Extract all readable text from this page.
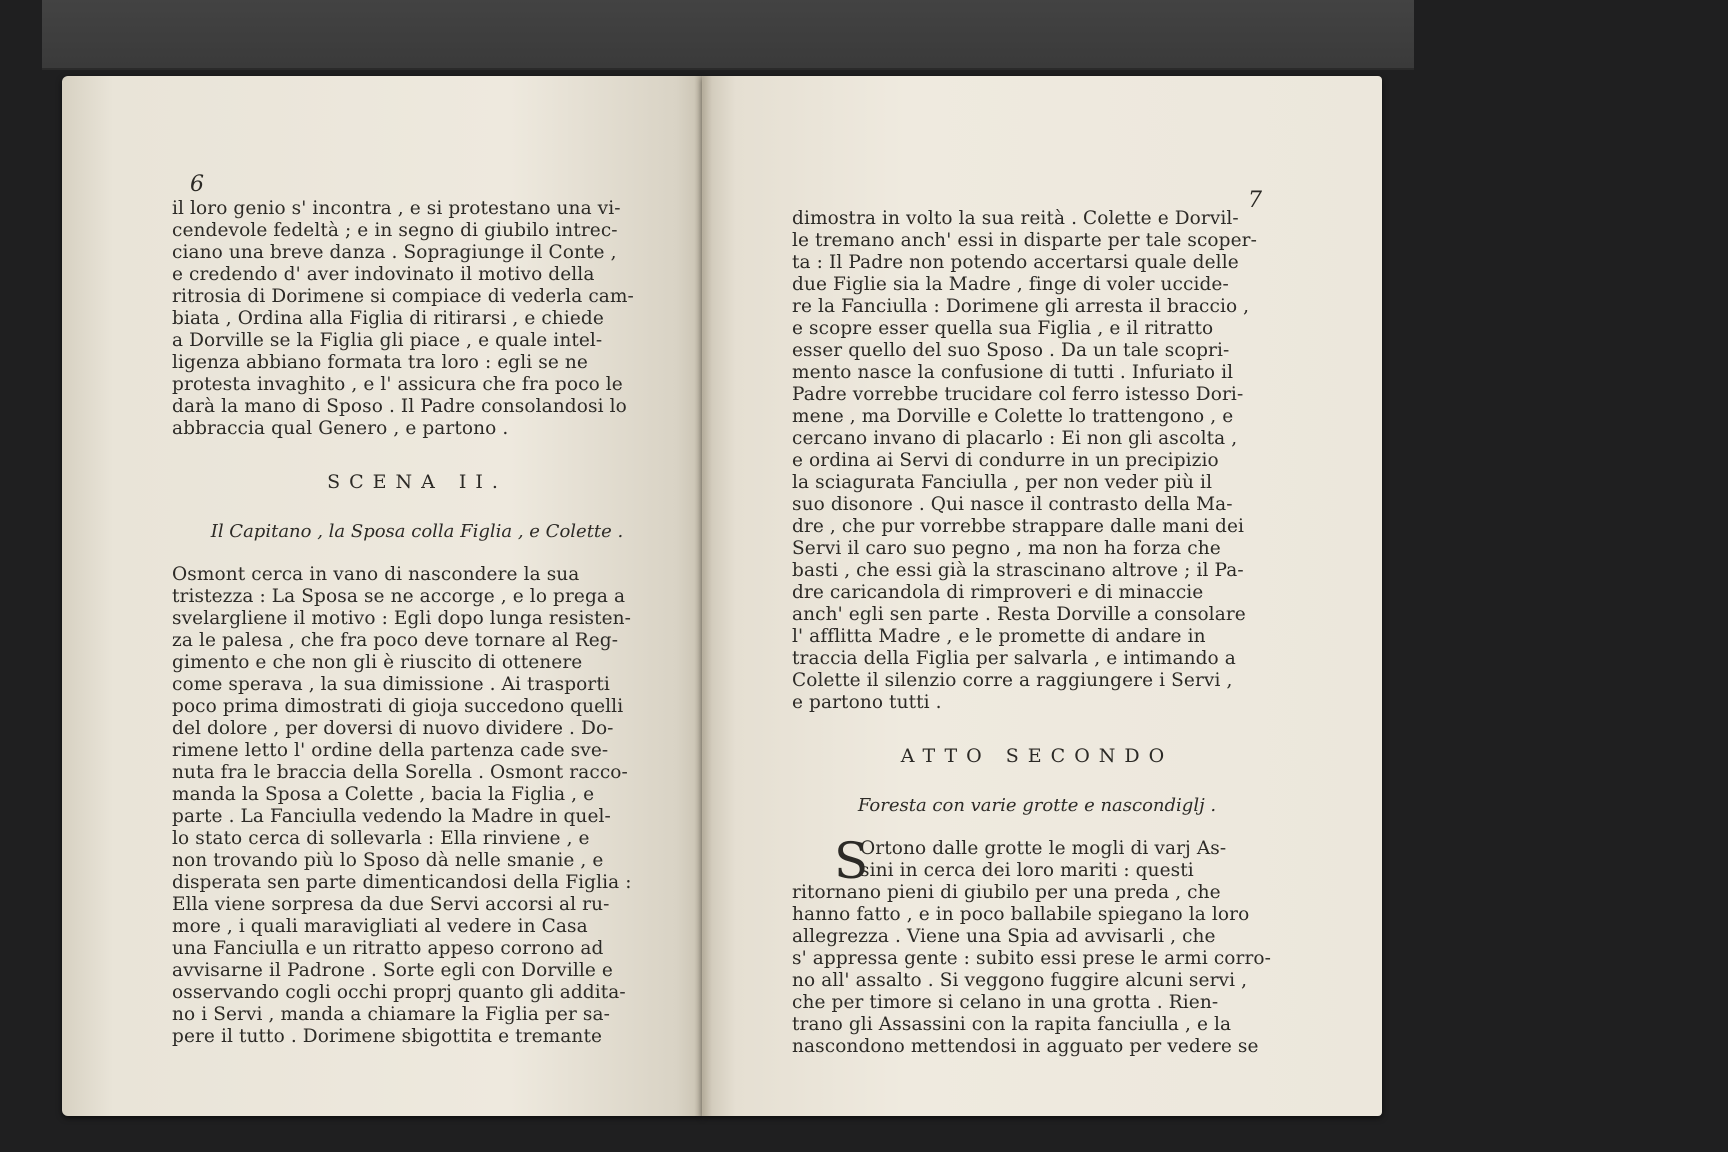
6
il loro genio s' incontra , e si protestano una vi-
cendevole fedeltà ; e in segno di giubilo intrec-
ciano una breve danza . Sopragiunge il Conte ,
e credendo d' aver indovinato il motivo della
ritrosia di Dorimene si compiace di vederla cam-
biata , Ordina alla Figlia di ritirarsi , e chiede
a Dorville se la Figlia gli piace , e quale intel-
ligenza abbiano formata tra loro : egli se ne
protesta invaghito , e l' assicura che fra poco le
darà la mano di Sposo . Il Padre consolandosi lo
abbraccia qual Genero , e partono .
SCENA II.
Il Capitano , la Sposa colla Figlia , e Colette .
Osmont cerca in vano di nascondere la sua
tristezza : La Sposa se ne accorge , e lo prega a
svelargliene il motivo : Egli dopo lunga resisten-
za le palesa , che fra poco deve tornare al Reg-
gimento e che non gli è riuscito di ottenere
come sperava , la sua dimissione . Ai trasporti
poco prima dimostrati di gioja succedono quelli
del dolore , per doversi di nuovo dividere . Do-
rimene letto l' ordine della partenza cade sve-
nuta fra le braccia della Sorella . Osmont racco-
manda la Sposa a Colette , bacia la Figlia , e
parte . La Fanciulla vedendo la Madre in quel-
lo stato cerca di sollevarla : Ella rinviene , e
non trovando più lo Sposo dà nelle smanie , e
disperata sen parte dimenticandosi della Figlia :
Ella viene sorpresa da due Servi accorsi al ru-
more , i quali maravigliati al vedere in Casa
una Fanciulla e un ritratto appeso corrono ad
avvisarne il Padrone . Sorte egli con Dorville e
osservando cogli occhi proprj quanto gli addita-
no i Servi , manda a chiamare la Figlia per sa-
pere il tutto . Dorimene sbigottita e tremante
7
dimostra in volto la sua reità . Colette e Dorvil-
le tremano anch' essi in disparte per tale scoper-
ta : Il Padre non potendo accertarsi quale delle
due Figlie sia la Madre , finge di voler uccide-
re la Fanciulla : Dorimene gli arresta il braccio ,
e scopre esser quella sua Figlia , e il ritratto
esser quello del suo Sposo . Da un tale scopri-
mento nasce la confusione di tutti . Infuriato il
Padre vorrebbe trucidare col ferro istesso Dori-
mene , ma Dorville e Colette lo trattengono , e
cercano invano di placarlo : Ei non gli ascolta ,
e ordina ai Servi di condurre in un precipizio
la sciagurata Fanciulla , per non veder più il
suo disonore . Qui nasce il contrasto della Ma-
dre , che pur vorrebbe strappare dalle mani dei
Servi il caro suo pegno , ma non ha forza che
basti , che essi già la strascinano altrove ; il Pa-
dre caricandola di rimproveri e di minaccie
anch' egli sen parte . Resta Dorville a consolare
l' afflitta Madre , e le promette di andare in
traccia della Figlia per salvarla , e intimando a
Colette il silenzio corre a raggiungere i Servi ,
e partono tutti .
ATTO SECONDO
Foresta con varie grotte e nascondiglj .
S
Ortono dalle grotte le mogli di varj As-
sini in cerca dei loro mariti : questi
ritornano pieni di giubilo per una preda , che
hanno fatto , e in poco ballabile spiegano la loro
allegrezza . Viene una Spia ad avvisarli , che
s' appressa gente : subito essi prese le armi corro-
no all' assalto . Si veggono fuggire alcuni servi ,
che per timore si celano in una grotta . Rien-
trano gli Assassini con la rapita fanciulla , e la
nascondono mettendosi in agguato per vedere se
